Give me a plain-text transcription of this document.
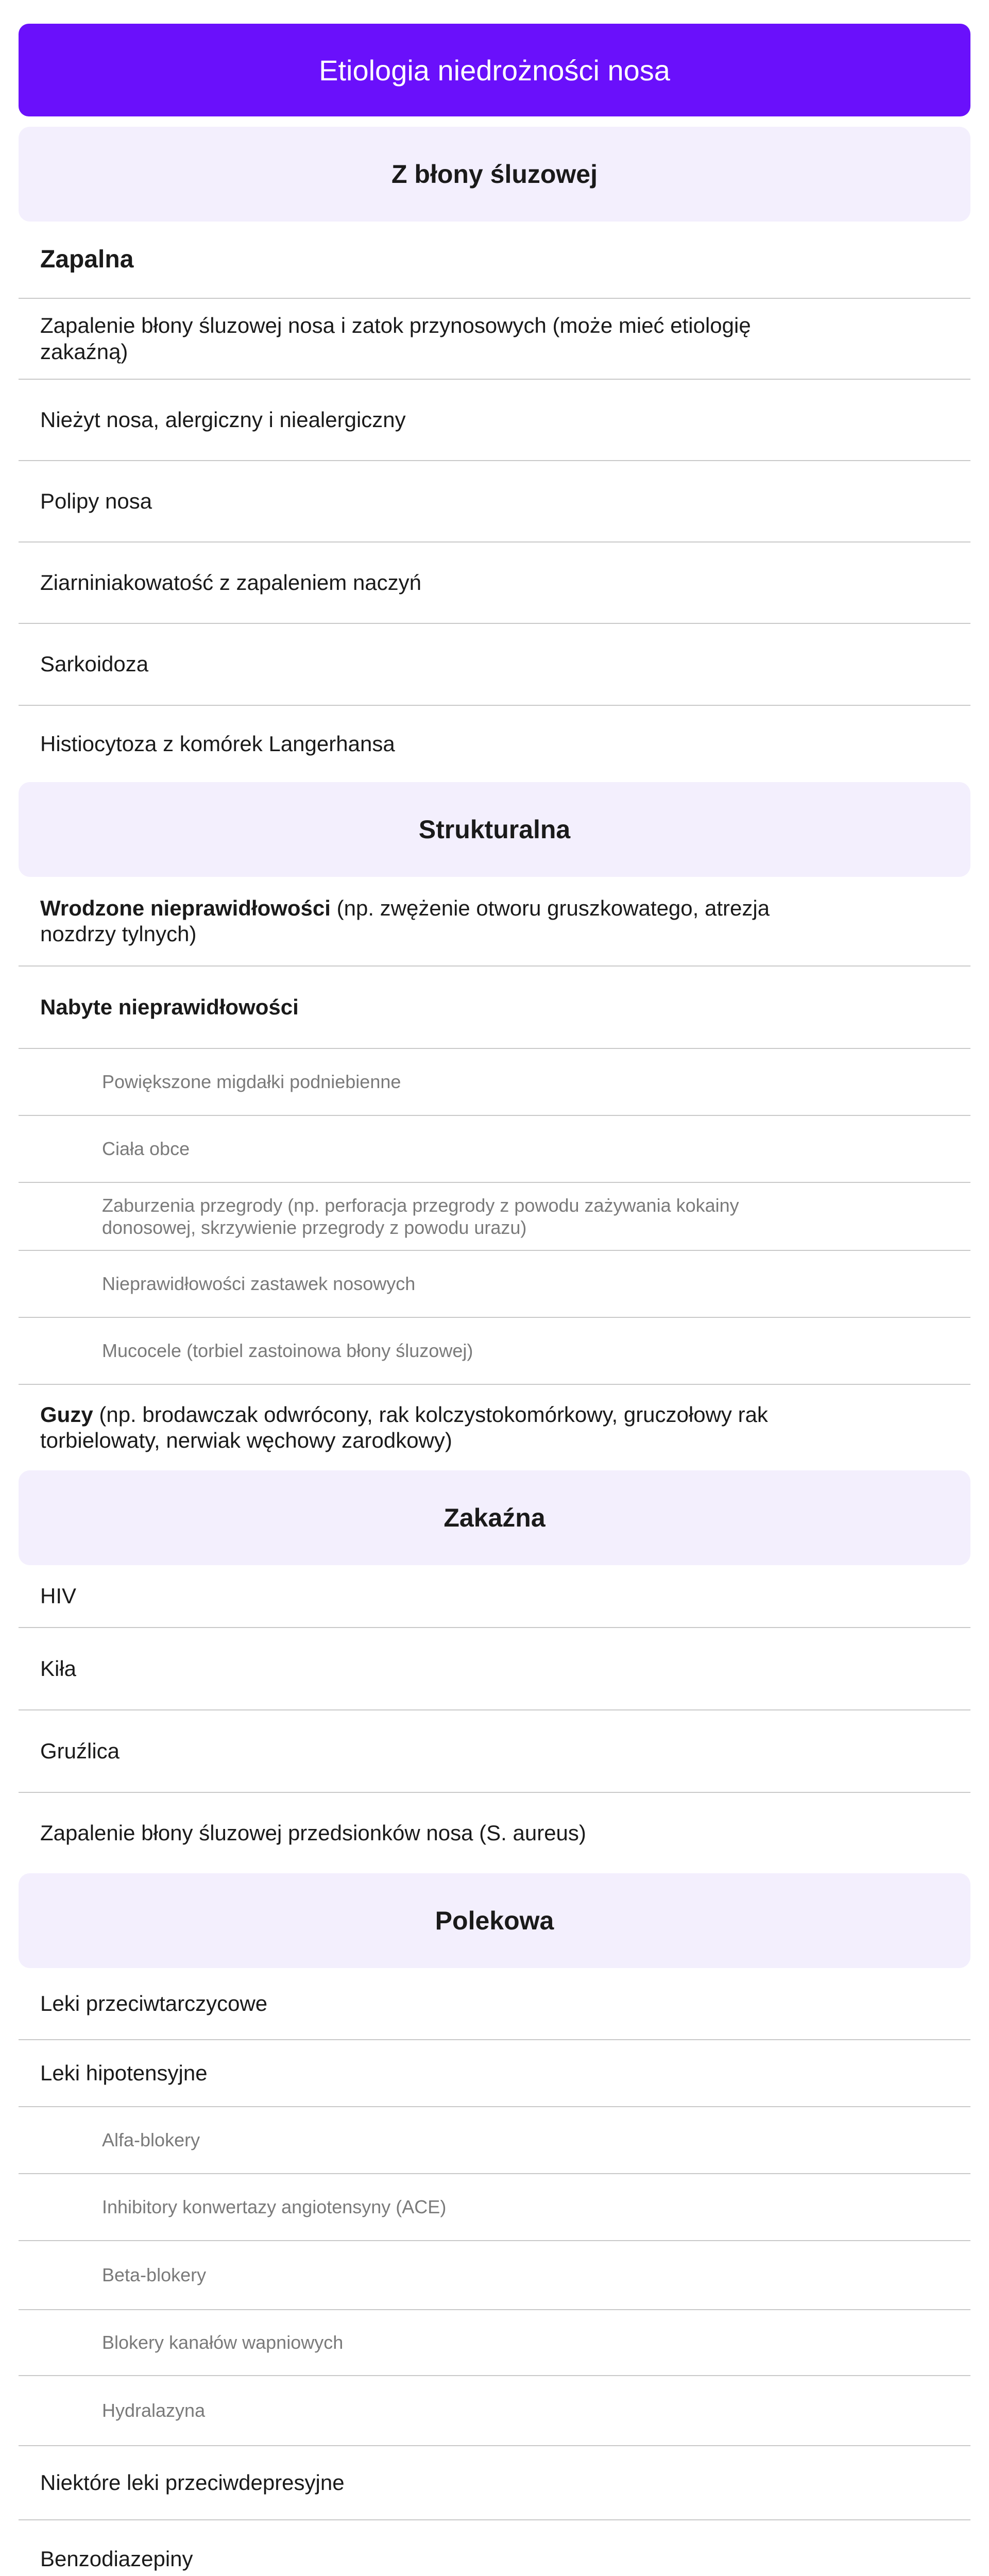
Etiologia niedrożności nosa
Z błony śluzowej
Zapalna
Zapalenie błony śluzowej nosa i zatok przynosowych (może mieć etiologię zakaźną)
Nieżyt nosa, alergiczny i niealergiczny
Polipy nosa
Ziarniniakowatość z zapaleniem naczyń
Sarkoidoza
Histiocytoza z komórek Langerhansa
Strukturalna
Wrodzone nieprawidłowości (np. zwężenie otworu gruszkowatego, atrezja nozdrzy tylnych)
Nabyte nieprawidłowości
Powiększone migdałki podniebienne
Ciała obce
Zaburzenia przegrody (np. perforacja przegrody z powodu zażywania kokainy donosowej, skrzywienie przegrody z powodu urazu)
Nieprawidłowości zastawek nosowych
Mucocele (torbiel zastoinowa błony śluzowej)
Guzy (np. brodawczak odwrócony, rak kolczystokomórkowy, gruczołowy rak torbielowaty, nerwiak węchowy zarodkowy)
Zakaźna
HIV
Kiła
Gruźlica
Zapalenie błony śluzowej przedsionków nosa (S. aureus)
Polekowa
Leki przeciwtarczycowe
Leki hipotensyjne
Alfa-blokery
Inhibitory konwertazy angiotensyny (ACE)
Beta-blokery
Blokery kanałów wapniowych
Hydralazyna
Niektóre leki przeciwdepresyjne
Benzodiazepiny
